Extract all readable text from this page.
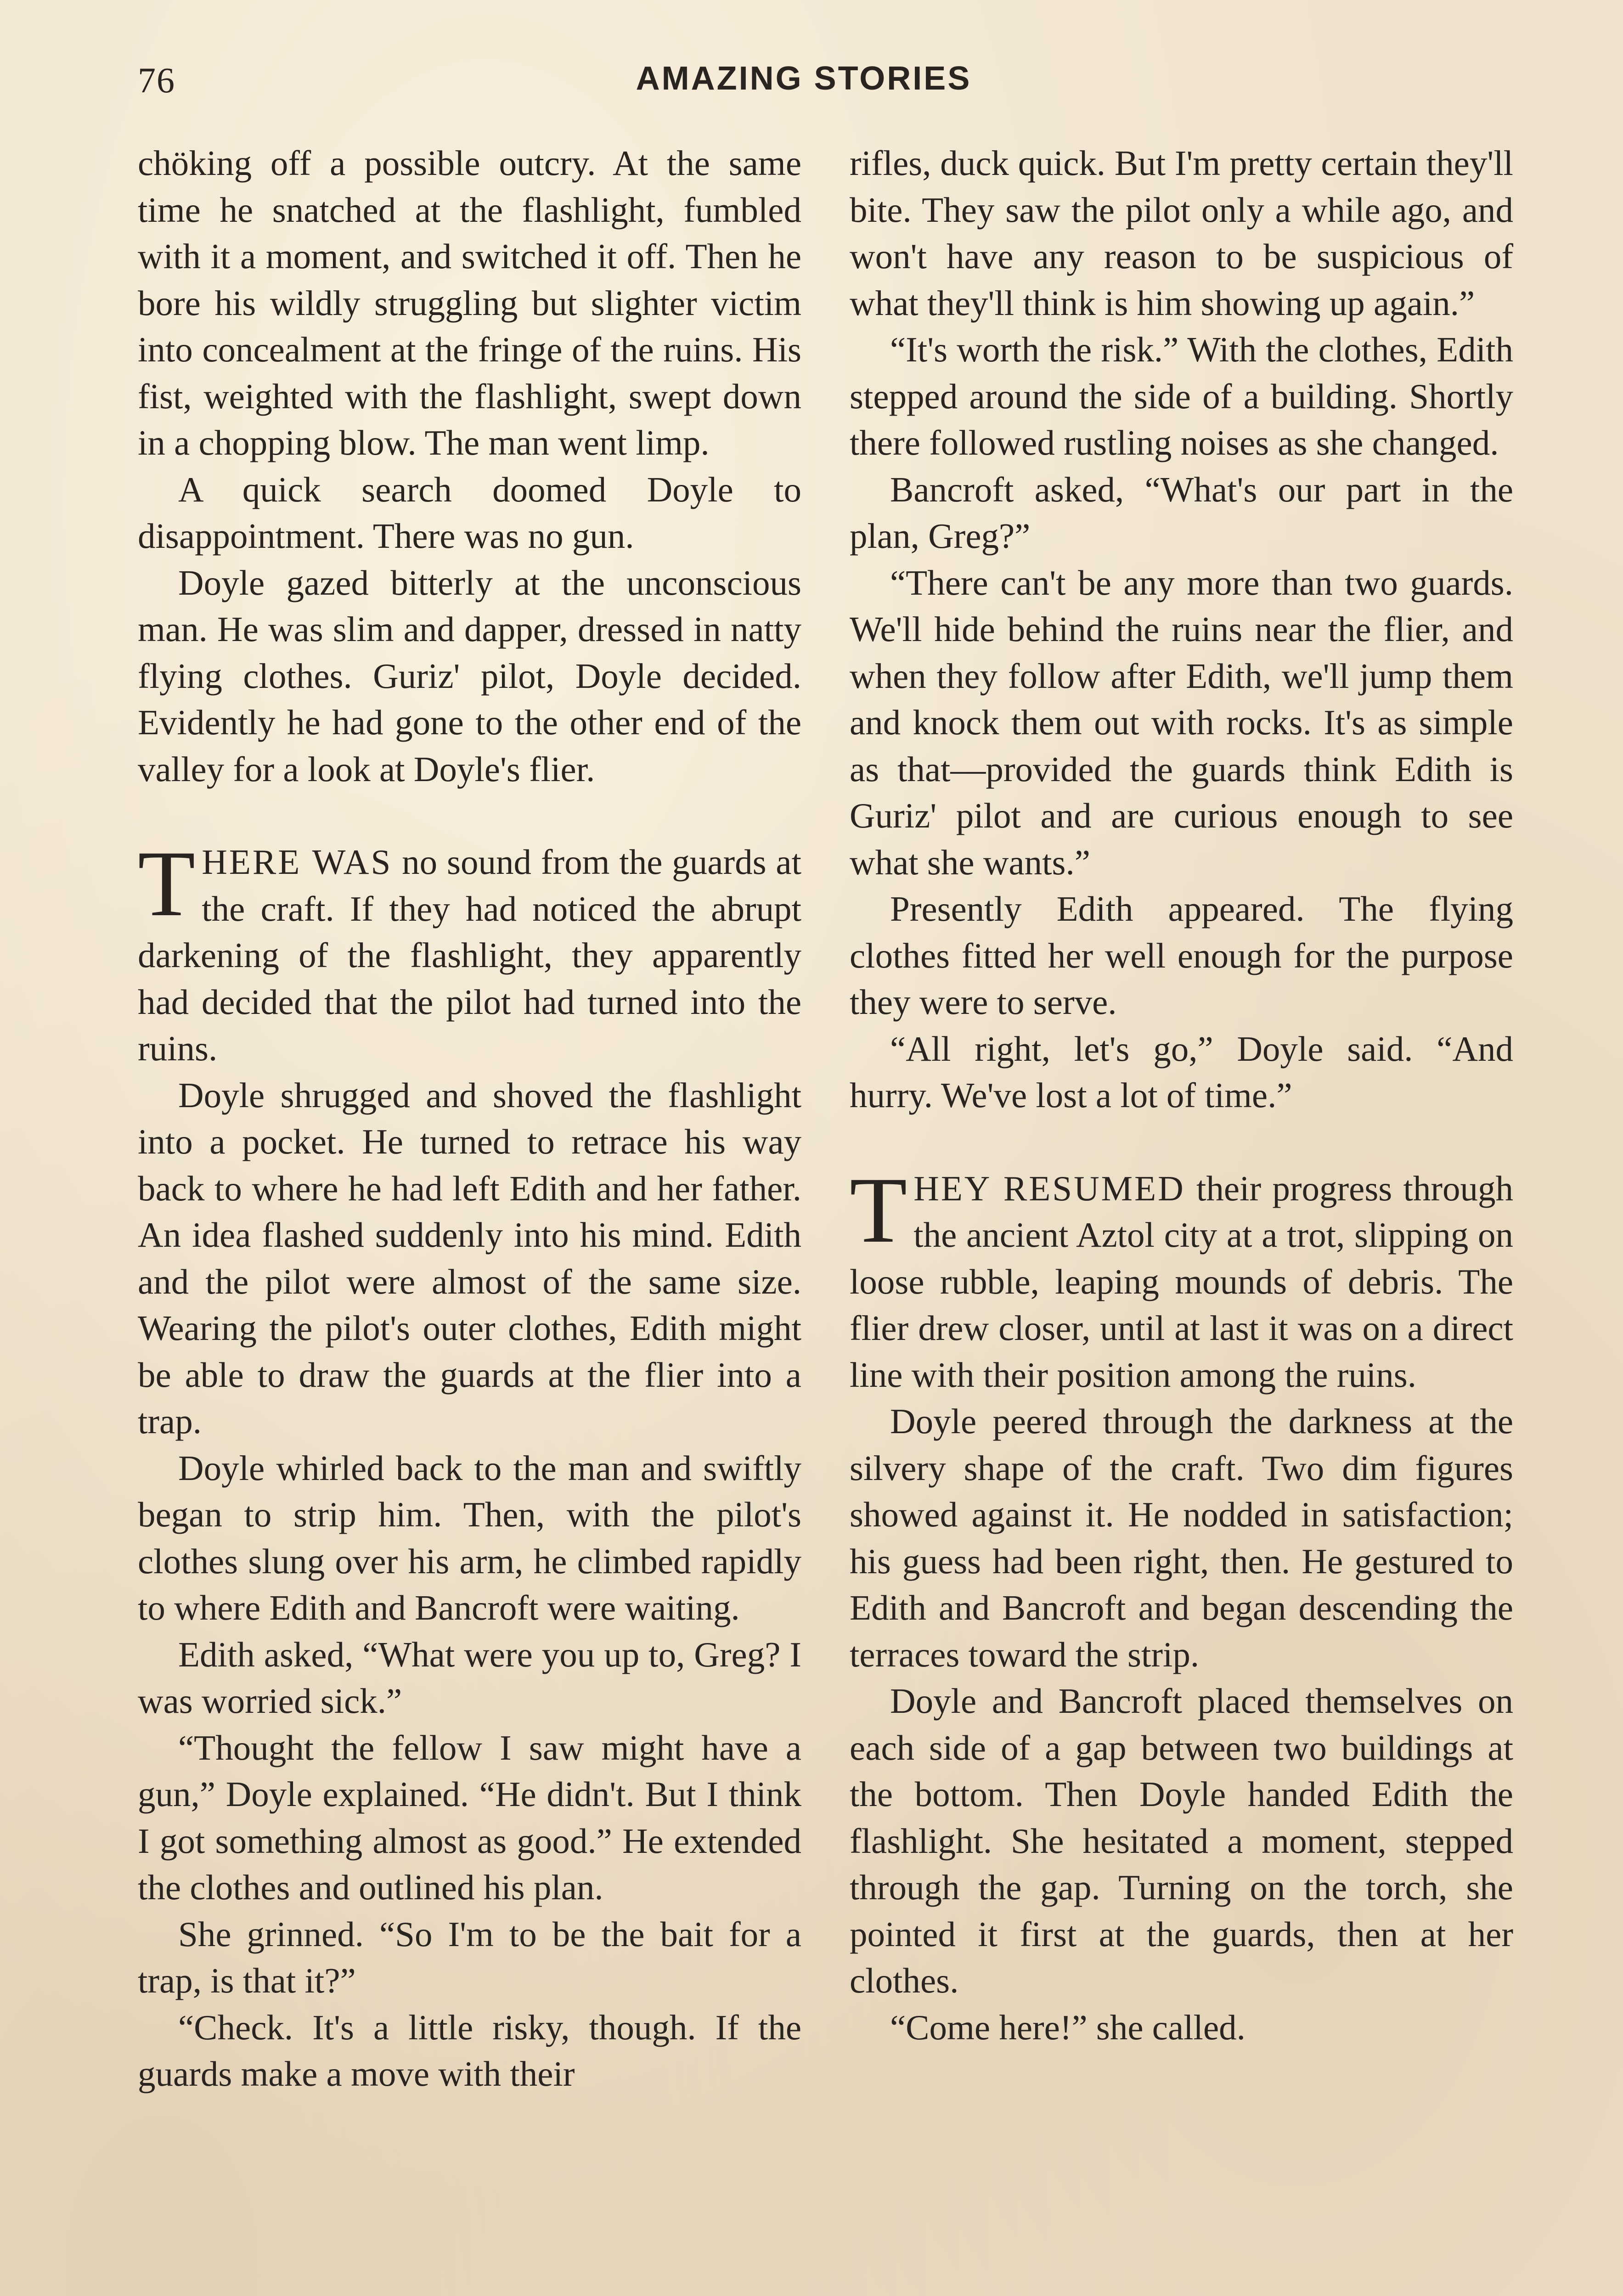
76	AMAZING STORIES

chöking off a possible outcry. At the same time he snatched at the flashlight, fumbled with it a moment, and switched it off. Then he bore his wildly struggling but slighter victim into concealment at the fringe of the ruins. His fist, weighted with the flashlight, swept down in a chopping blow. The man went limp.

A quick search doomed Doyle to disappointment. There was no gun.

Doyle gazed bitterly at the unconscious man. He was slim and dapper, dressed in natty flying clothes. Guriz' pilot, Doyle decided. Evidently he had gone to the other end of the valley for a look at Doyle's flier.

THERE WAS no sound from the guards at the craft. If they had noticed the abrupt darkening of the flashlight, they apparently had decided that the pilot had turned into the ruins.

Doyle shrugged and shoved the flashlight into a pocket. He turned to retrace his way back to where he had left Edith and her father. An idea flashed suddenly into his mind. Edith and the pilot were almost of the same size. Wearing the pilot's outer clothes, Edith might be able to draw the guards at the flier into a trap.

Doyle whirled back to the man and swiftly began to strip him. Then, with the pilot's clothes slung over his arm, he climbed rapidly to where Edith and Bancroft were waiting.

Edith asked, “What were you up to, Greg? I was worried sick.”

“Thought the fellow I saw might have a gun,” Doyle explained. “He didn't. But I think I got something almost as good.” He extended the clothes and outlined his plan.

She grinned. “So I'm to be the bait for a trap, is that it?”

“Check. It's a little risky, though. If the guards make a move with their

rifles, duck quick. But I'm pretty certain they'll bite. They saw the pilot only a while ago, and won't have any reason to be suspicious of what they'll think is him showing up again.”

“It's worth the risk.” With the clothes, Edith stepped around the side of a building. Shortly there followed rustling noises as she changed.

Bancroft asked, “What's our part in the plan, Greg?”

“There can't be any more than two guards. We'll hide behind the ruins near the flier, and when they follow after Edith, we'll jump them and knock them out with rocks. It's as simple as that—provided the guards think Edith is Guriz' pilot and are curious enough to see what she wants.”

Presently Edith appeared. The flying clothes fitted her well enough for the purpose they were to serve.

“All right, let's go,” Doyle said. “And hurry. We've lost a lot of time.”

THEY RESUMED their progress through the ancient Aztol city at a trot, slipping on loose rubble, leaping mounds of debris. The flier drew closer, until at last it was on a direct line with their position among the ruins.

Doyle peered through the darkness at the silvery shape of the craft. Two dim figures showed against it. He nodded in satisfaction; his guess had been right, then. He gestured to Edith and Bancroft and began descending the terraces toward the strip.

Doyle and Bancroft placed themselves on each side of a gap between two buildings at the bottom. Then Doyle handed Edith the flashlight. She hesitated a moment, stepped through the gap. Turning on the torch, she pointed it first at the guards, then at her clothes.

“Come here!” she called.
